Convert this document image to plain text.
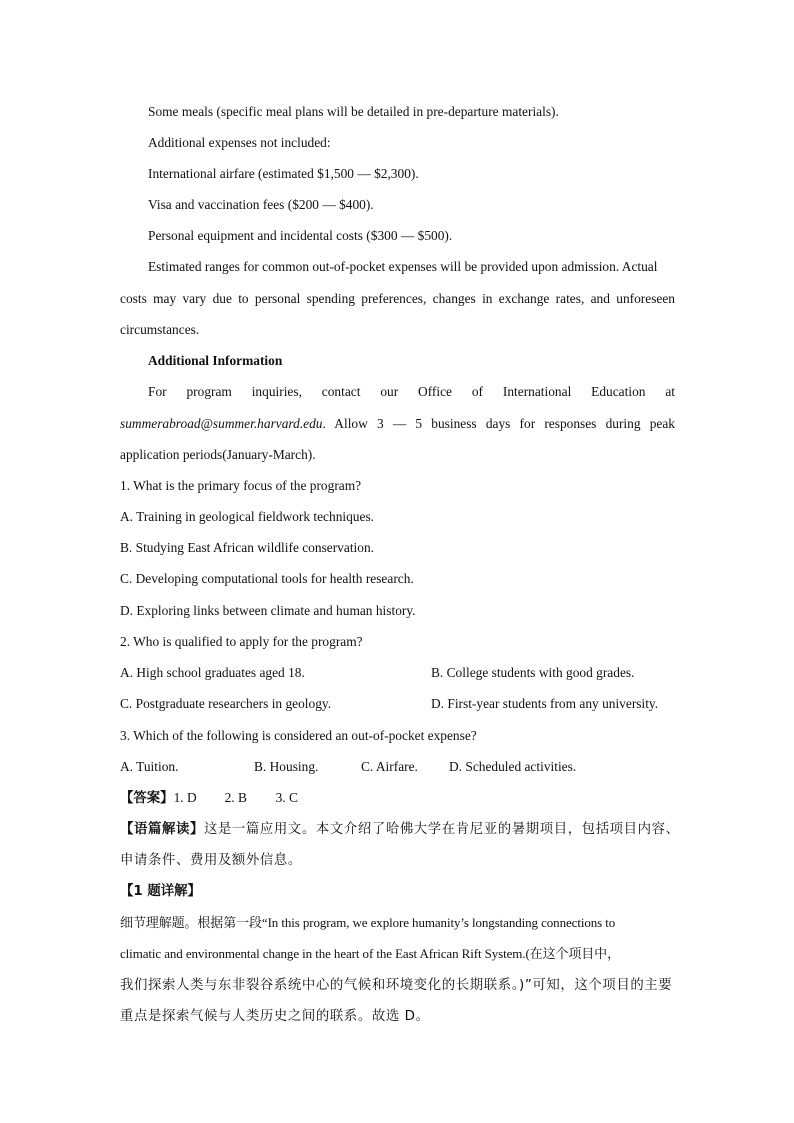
Some meals (specific meal plans will be detailed in pre-departure materials).
Additional expenses not included:
International airfare (estimated $1,500 — $2,300).
Visa and vaccination fees ($200 — $400).
Personal equipment and incidental costs ($300 — $500).
Estimated ranges for common out-of-pocket expenses will be provided upon admission. Actual
costs may vary due to personal spending preferences, changes in exchange rates, and unforeseen
circumstances.
Additional Information
For program inquiries, contact our Office of International Education at
summerabroad@summer.harvard.edu . Allow 3 — 5 business days for responses during peak
application periods(January-March).
1. What is the primary focus of the program?
A. Training in geological fieldwork techniques.
B. Studying East African wildlife conservation.
C. Developing computational tools for health research.
D. Exploring links between climate and human history.
2. Who is qualified to apply for the program?
A. High school graduates aged 18.	B. College students with good grades.
C. Postgraduate researchers in geology.	D. First-year students from any university.
3. Which of the following is considered an out-of-pocket expense?
A. Tuition.	B. Housing.	C. Airfare. D. Scheduled activities.
【答案】1. D 2. B 3. C
【语篇解读】这是一篇应用文。本文介绍了哈佛大学在肯尼亚的暑期项目，包括项目内容、
申请条件、费用及额外信息。
【1 题详解】
细节理解题。根据第一段“In this program, we explore humanity’s longstanding connections to
climatic and environmental change in the heart of the East African Rift System.(在这个项目中，
我们探索人类与东非裂谷系统中心的气候和环境变化的长期联系。)”可知，这个项目的主要
重点是探索气候与人类历史之间的联系。故选 D。
